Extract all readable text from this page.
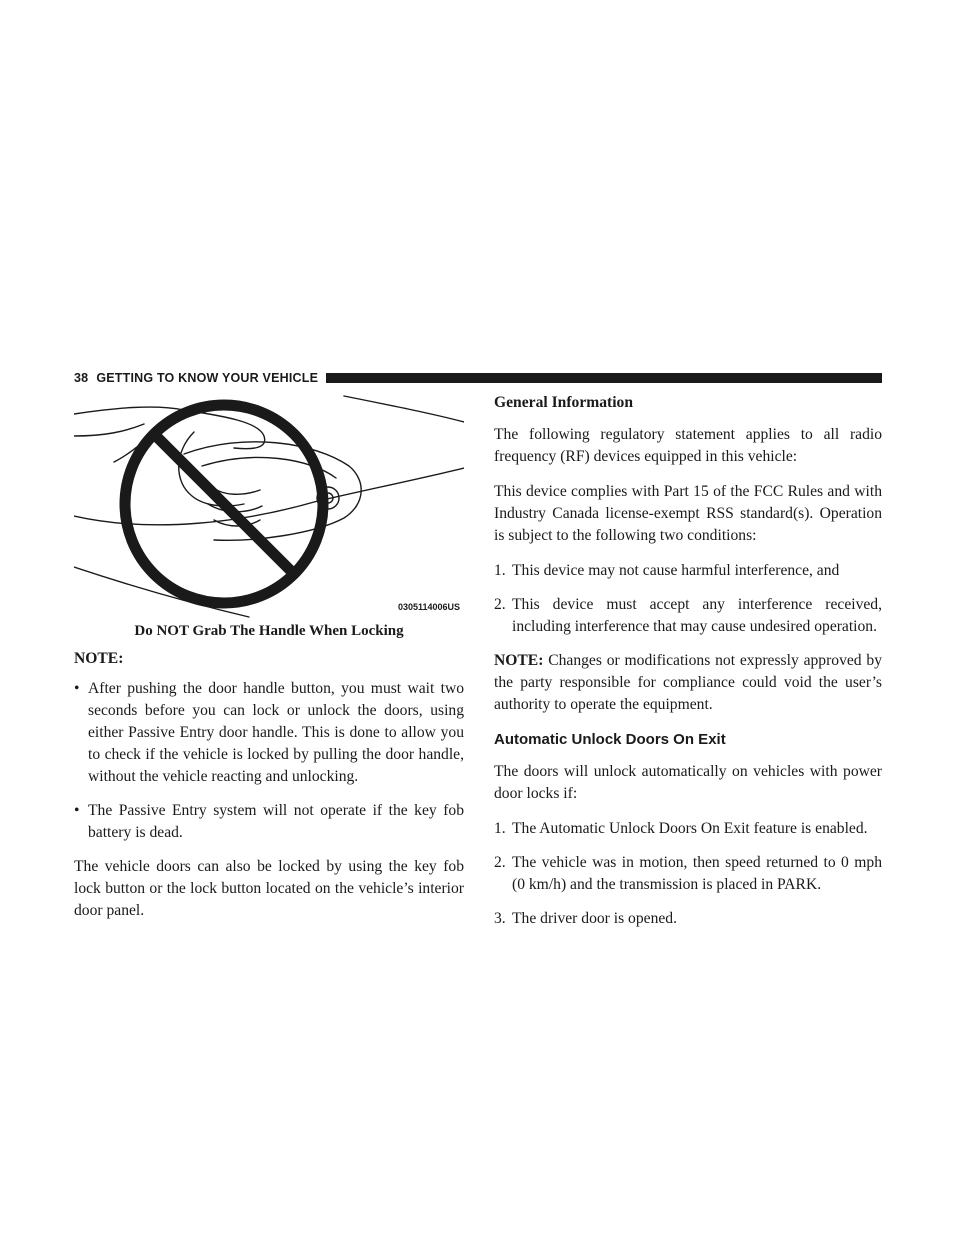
38 GETTING TO KNOW YOUR VEHICLE
0305114006US
Do NOT Grab The Handle When Locking
NOTE:
• After pushing the door handle button, you must wait two seconds before you can lock or unlock the doors, using either Passive Entry door handle. This is done to allow you to check if the vehicle is locked by pulling the door handle, without the vehicle reacting and unlocking.
• The Passive Entry system will not operate if the key fob battery is dead.

The vehicle doors can also be locked by using the key fob lock button or the lock button located on the vehicle’s interior door panel.

General Information

The following regulatory statement applies to all radio frequency (RF) devices equipped in this vehicle:

This device complies with Part 15 of the FCC Rules and with Industry Canada license-exempt RSS standard(s). Operation is subject to the following two conditions:

1. This device may not cause harmful interference, and
2. This device must accept any interference received, including interference that may cause undesired operation.

NOTE: Changes or modifications not expressly approved by the party responsible for compliance could void the user’s authority to operate the equipment.

Automatic Unlock Doors On Exit

The doors will unlock automatically on vehicles with power door locks if:

1. The Automatic Unlock Doors On Exit feature is enabled.
2. The vehicle was in motion, then speed returned to 0 mph (0 km/h) and the transmission is placed in PARK.
3. The driver door is opened.
